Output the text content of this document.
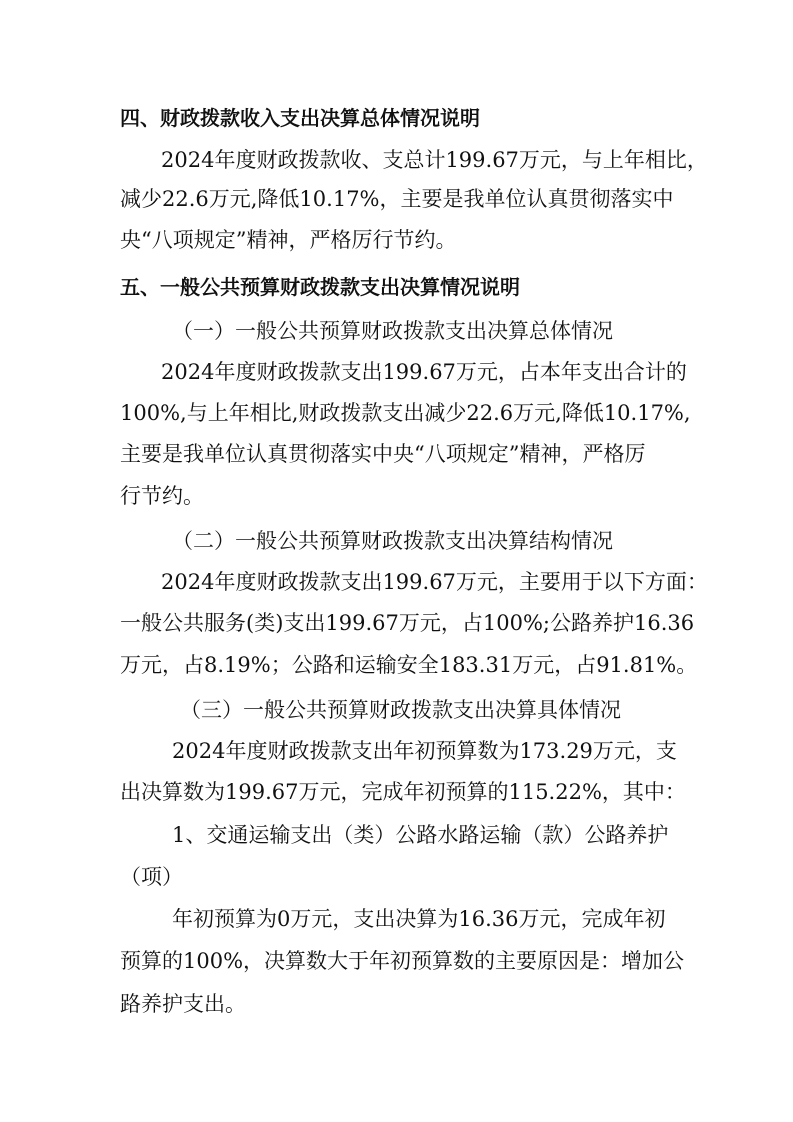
四、财政拨款收入支出决算总体情况说明

2024年度财政拨款收、支总计199.67万元，与上年相比，

减少22.6万元,降低10.17%，主要是我单位认真贯彻落实中

央“八项规定”精神，严格厉行节约。

五、一般公共预算财政拨款支出决算情况说明

（一）一般公共预算财政拨款支出决算总体情况

2024年度财政拨款支出199.67万元，占本年支出合计的

100%,与上年相比,财政拨款支出减少22.6万元,降低10.17%,

主要是我单位认真贯彻落实中央“八项规定”精神，严格厉

行节约。

（二）一般公共预算财政拨款支出决算结构情况

2024年度财政拨款支出199.67万元，主要用于以下方面：

一般公共服务(类)支出199.67万元，占100%;公路养护16.36

万元，占8.19%；公路和运输安全183.31万元，占91.81%。

（三）一般公共预算财政拨款支出决算具体情况

2024年度财政拨款支出年初预算数为173.29万元，支

出决算数为199.67万元，完成年初预算的115.22%，其中：

1、交通运输支出（类）公路水路运输（款）公路养护

（项）

年初预算为0万元，支出决算为16.36万元，完成年初

预算的100%，决算数大于年初预算数的主要原因是：增加公

路养护支出。
